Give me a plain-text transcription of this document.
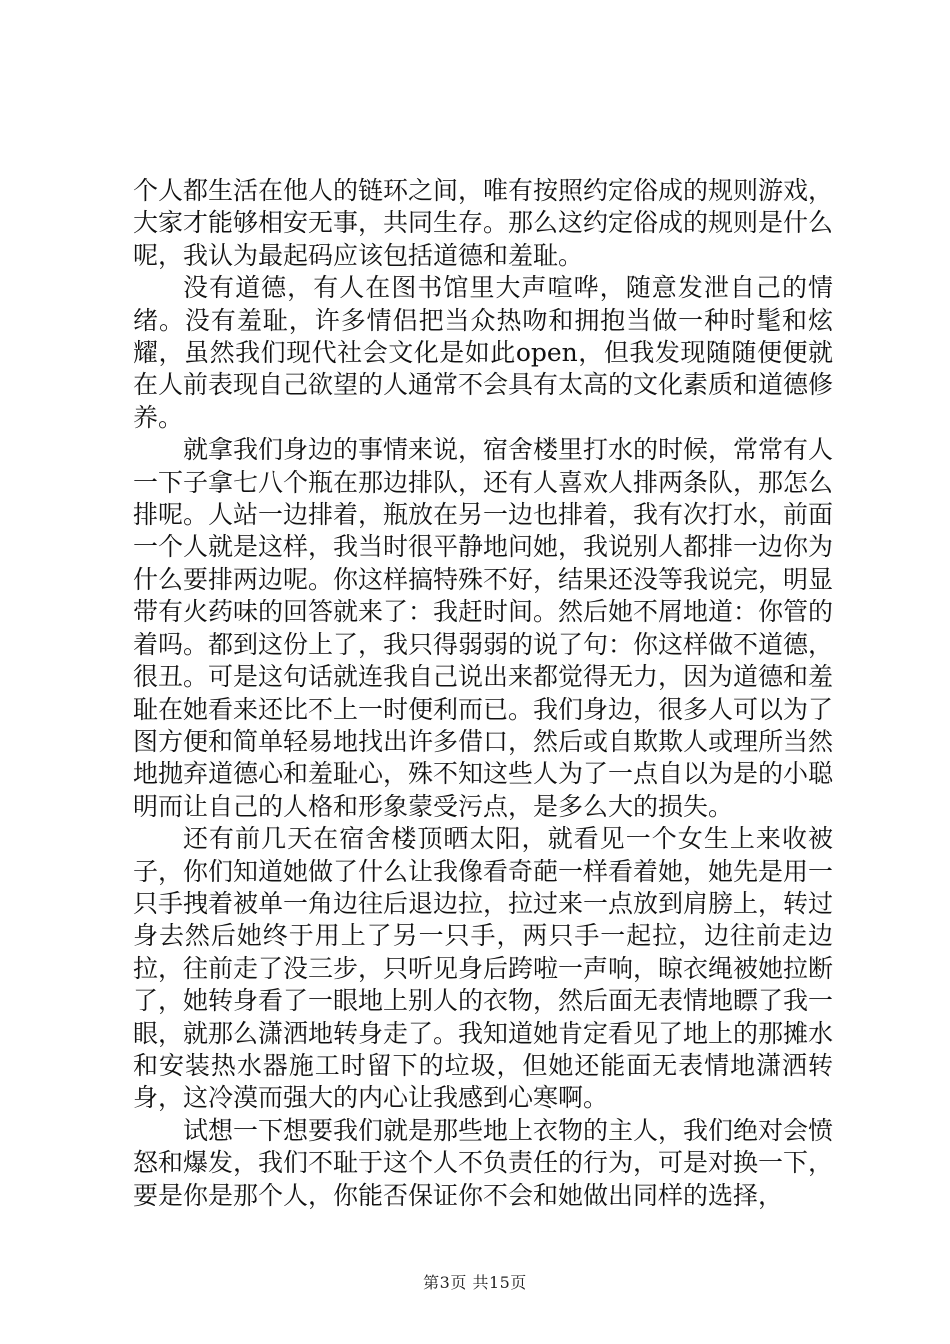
个人都生活在他人的链环之间，唯有按照约定俗成的规则游戏，大家才能够相安无事，共同生存。那么这约定俗成的规则是什么呢，我认为最起码应该包括道德和羞耻。

没有道德，有人在图书馆里大声喧哗，随意发泄自己的情绪。没有羞耻，许多情侣把当众热吻和拥抱当做一种时髦和炫耀，虽然我们现代社会文化是如此open，但我发现随随便便就在人前表现自己欲望的人通常不会具有太高的文化素质和道德修养。

就拿我们身边的事情来说，宿舍楼里打水的时候，常常有人一下子拿七八个瓶在那边排队，还有人喜欢人排两条队，那怎么排呢。人站一边排着，瓶放在另一边也排着，我有次打水，前面一个人就是这样，我当时很平静地问她，我说别人都排一边你为什么要排两边呢。你这样搞特殊不好，结果还没等我说完，明显带有火药味的回答就来了：我赶时间。然后她不屑地道：你管的着吗。都到这份上了，我只得弱弱的说了句：你这样做不道德，很丑。可是这句话就连我自己说出来都觉得无力，因为道德和羞耻在她看来还比不上一时便利而已。我们身边，很多人可以为了图方便和简单轻易地找出许多借口，然后或自欺欺人或理所当然地抛弃道德心和羞耻心，殊不知这些人为了一点自以为是的小聪明而让自己的人格和形象蒙受污点，是多么大的损失。

还有前几天在宿舍楼顶晒太阳，就看见一个女生上来收被子，你们知道她做了什么让我像看奇葩一样看着她，她先是用一只手拽着被单一角边往后退边拉，拉过来一点放到肩膀上，转过身去然后她终于用上了另一只手，两只手一起拉，边往前走边拉，往前走了没三步，只听见身后跨啦一声响，晾衣绳被她拉断了，她转身看了一眼地上别人的衣物，然后面无表情地瞟了我一眼，就那么潇洒地转身走了。我知道她肯定看见了地上的那摊水和安装热水器施工时留下的垃圾，但她还能面无表情地潇洒转身，这冷漠而强大的内心让我感到心寒啊。

试想一下想要我们就是那些地上衣物的主人，我们绝对会愤怒和爆发，我们不耻于这个人不负责任的行为，可是对换一下，要是你是那个人，你能否保证你不会和她做出同样的选择，

第3页 共15页
